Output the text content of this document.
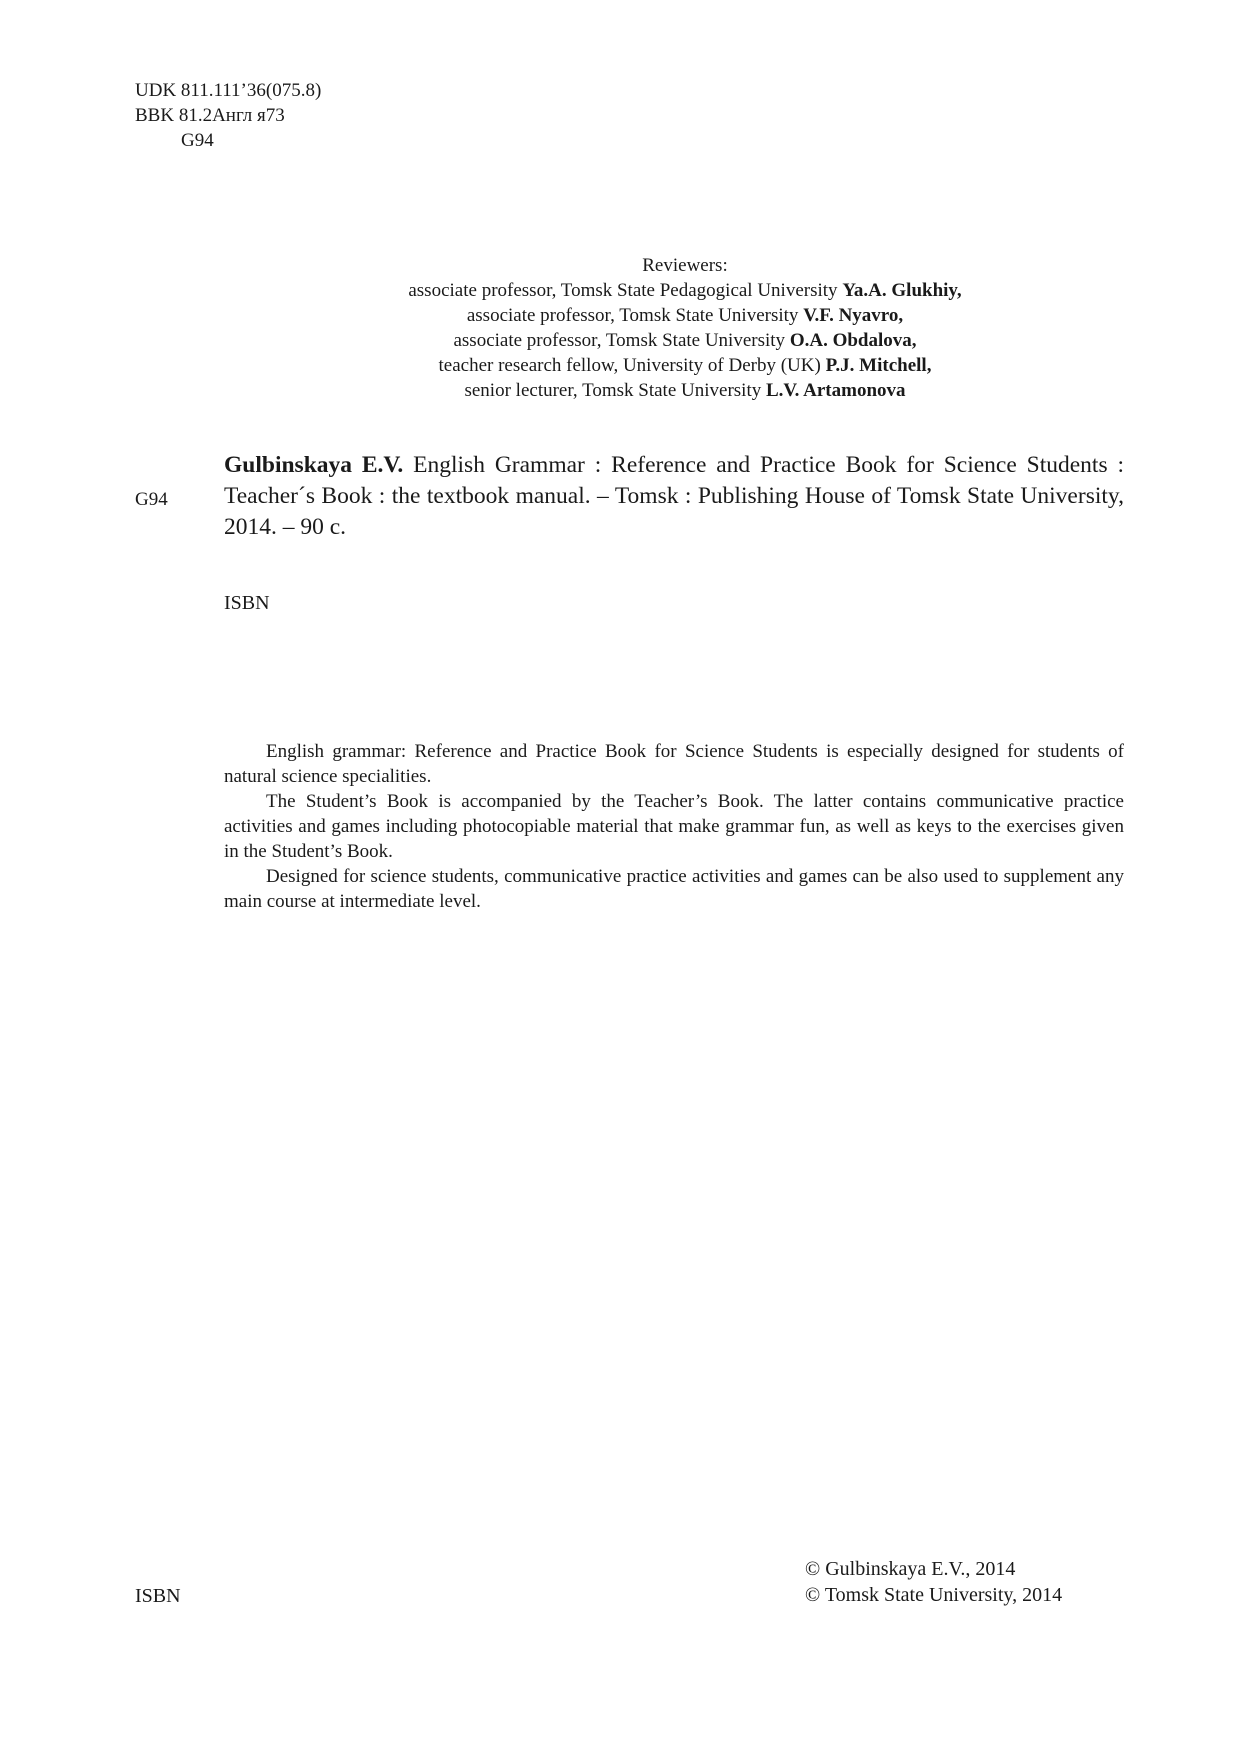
UDK 811.111’36(075.8)
BBK 81.2Англ я73
G94
Reviewers:
associate professor, Tomsk State Pedagogical University Ya.A. Glukhiy,
associate professor, Tomsk State University V.F. Nyavro,
associate professor, Tomsk State University O.A. Obdalova,
teacher research fellow, University of Derby (UK) P.J. Mitchell,
senior lecturer, Tomsk State University L.V. Artamonova
G94
Gulbinskaya E.V. English Grammar : Reference and Practice Book for Science Students : Teacher´s Book : the textbook manual. – Tomsk : Publishing House of Tomsk State University, 2014. – 90 c.
ISBN

English grammar: Reference and Practice Book for Science Students is especially designed for students of natural science specialities.

The Student’s Book is accompanied by the Teacher’s Book. The latter contains communicative practice activities and games including photocopiable material that make grammar fun, as well as keys to the exercises given in the Student’s Book.

Designed for science students, communicative practice activities and games can be also used to supplement any main course at intermediate level.

ISBN
© Gulbinskaya E.V., 2014
© Tomsk State University, 2014
